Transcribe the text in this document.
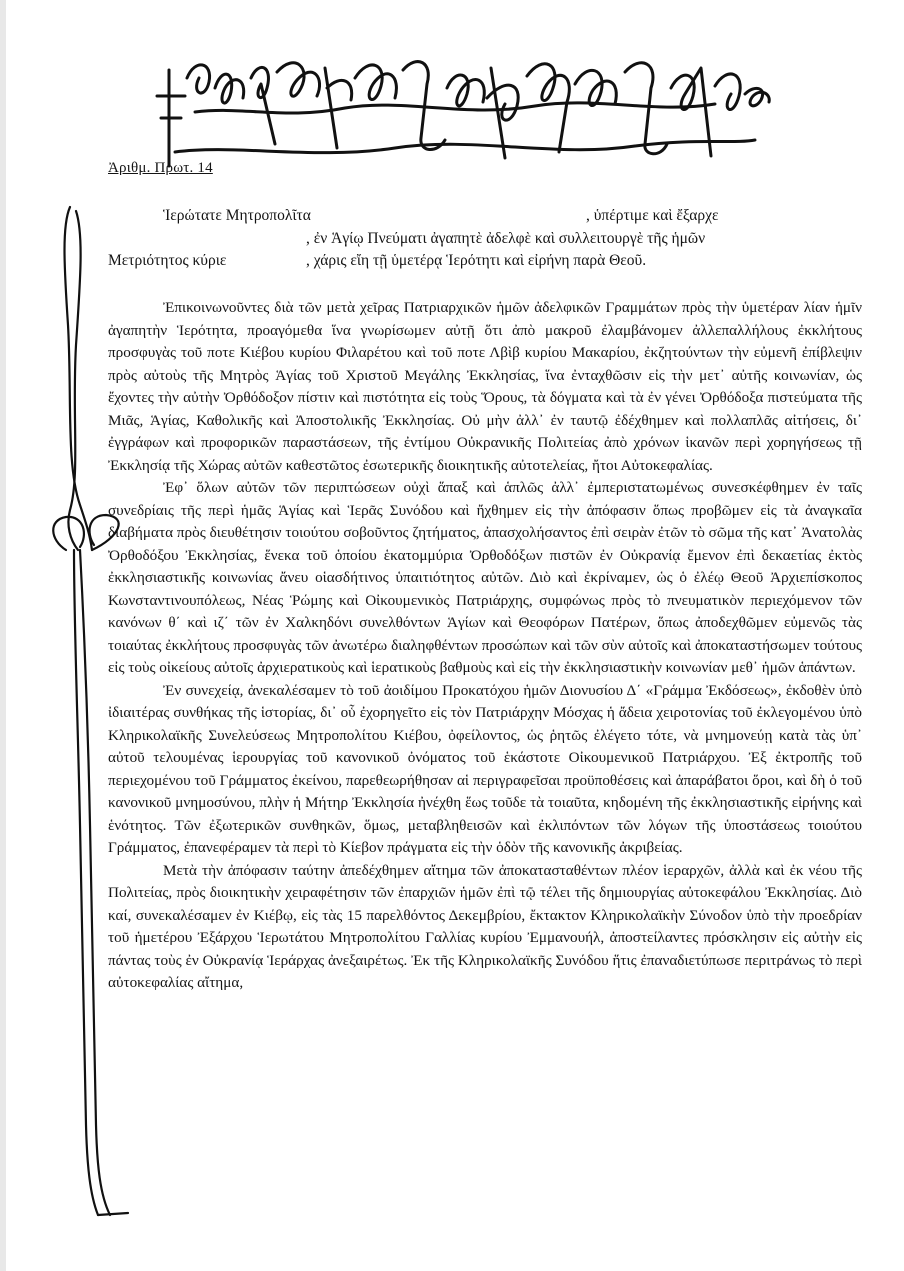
Ἀριθμ. Πρωτ. 14
Ἱερώτατε Μητροπολῖτα	, ὑπέρτιμε καὶ ἔξαρχε
, ἐν Ἁγίῳ Πνεύματι ἀγαπητὲ ἀδελφὲ καὶ συλλειτουργὲ τῆς ἡμῶν
Μετριότητος κύριε	, χάρις εἴη τῇ ὑμετέρᾳ Ἱερότητι καὶ εἰρήνη παρὰ Θεοῦ.

Ἐπικοινωνοῦντες διὰ τῶν μετὰ χεῖρας Πατριαρχικῶν ἡμῶν ἀδελφικῶν Γραμμάτων πρὸς τὴν ὑμετέραν λίαν ἡμῖν ἀγαπητὴν Ἱερότητα, προαγόμεθα ἵνα γνωρίσωμεν αὐτῇ ὅτι ἀπὸ μακροῦ ἐλαμβάνομεν ἀλλεπαλλήλους ἐκκλήτους προσφυγὰς τοῦ ποτε Κιέβου κυρίου Φιλαρέτου καὶ τοῦ ποτε Λβὶβ κυρίου Μακαρίου, ἐκζητούντων τὴν εὐμενῆ ἐπίβλεψιν πρὸς αὐτοὺς τῆς Μητρὸς Ἁγίας τοῦ Χριστοῦ Μεγάλης Ἐκκλησίας, ἵνα ἐνταχθῶσιν εἰς τὴν μετ᾿ αὐτῆς κοινωνίαν, ὡς ἔχοντες τὴν αὐτὴν Ὀρθόδοξον πίστιν καὶ πιστότητα εἰς τοὺς Ὅρους, τὰ δόγματα καὶ τὰ ἐν γένει Ὀρθόδοξα πιστεύματα τῆς Μιᾶς, Ἁγίας, Καθολικῆς καὶ Ἀποστολικῆς Ἐκκλησίας. Οὐ μὴν ἀλλ᾿ ἐν ταυτῷ ἐδέχθημεν καὶ πολλαπλᾶς αἰτήσεις, δι᾿ ἐγγράφων καὶ προφορικῶν παραστάσεων, τῆς ἐντίμου Οὐκρανικῆς Πολιτείας ἀπὸ χρόνων ἱκανῶν περὶ χορηγήσεως τῇ Ἐκκλησίᾳ τῆς Χώρας αὐτῶν καθεστῶτος ἐσωτερικῆς διοικητικῆς αὐτοτελείας, ἤτοι Αὐτοκεφαλίας.

Ἐφ᾿ ὅλων αὐτῶν τῶν περιπτώσεων οὐχὶ ἅπαξ καὶ ἁπλῶς ἀλλ᾿ ἐμπεριστατωμένως συνεσκέφθημεν ἐν ταῖς συνεδρίαις τῆς περὶ ἡμᾶς Ἁγίας καὶ Ἱερᾶς Συνόδου καὶ ἤχθημεν εἰς τὴν ἀπόφασιν ὅπως προβῶμεν εἰς τὰ ἀναγκαῖα διαβήματα πρὸς διευθέτησιν τοιούτου σοβοῦντος ζητήματος, ἀπασχολήσαντος ἐπὶ σειρὰν ἐτῶν τὸ σῶμα τῆς κατ᾿ Ἀνατολὰς Ὀρθοδόξου Ἐκκλησίας, ἕνεκα τοῦ ὁποίου ἑκατομμύρια Ὀρθοδόξων πιστῶν ἐν Οὐκρανίᾳ ἔμενον ἐπὶ δεκαετίας ἐκτὸς ἐκκλησιαστικῆς κοινωνίας ἄνευ οἱασδήτινος ὑπαιτιότητος αὐτῶν. Διὸ καὶ ἐκρίναμεν, ὡς ὁ ἐλέῳ Θεοῦ Ἀρχιεπίσκοπος Κωνσταντινουπόλεως, Νέας Ῥώμης καὶ Οἰκουμενικὸς Πατριάρχης, συμφώνως πρὸς τὸ πνευματικὸν περιεχόμενον τῶν κανόνων θ΄ καὶ ιζ΄ τῶν ἐν Χαλκηδόνι συνελθόντων Ἁγίων καὶ Θεοφόρων Πατέρων, ὅπως ἀποδεχθῶμεν εὐμενῶς τὰς τοιαύτας ἐκκλήτους προσφυγὰς τῶν ἀνωτέρω διαληφθέντων προσώπων καὶ τῶν σὺν αὐτοῖς καὶ ἀποκαταστήσωμεν τούτους εἰς τοὺς οἰκείους αὐτοῖς ἀρχιερατικοὺς καὶ ἱερατικοὺς βαθμοὺς καὶ εἰς τὴν ἐκκλησιαστικὴν κοινωνίαν μεθ᾿ ἡμῶν ἁπάντων.

Ἐν συνεχείᾳ, ἀνεκαλέσαμεν τὸ τοῦ ἀοιδίμου Προκατόχου ἡμῶν Διονυσίου Δ΄ «Γράμμα Ἐκδόσεως», ἐκδοθὲν ὑπὸ ἰδιαιτέρας συνθήκας τῆς ἱστορίας, δι᾿ οὗ ἐχορηγεῖτο εἰς τὸν Πατριάρχην Μόσχας ἡ ἄδεια χειροτονίας τοῦ ἐκλεγομένου ὑπὸ Κληρικολαϊκῆς Συνελεύσεως Μητροπολίτου Κιέβου, ὀφείλοντος, ὡς ῥητῶς ἐλέγετο τότε, νὰ μνημονεύῃ κατὰ τὰς ὑπ᾿ αὐτοῦ τελουμένας ἱερουργίας τοῦ κανονικοῦ ὀνόματος τοῦ ἑκάστοτε Οἰκουμενικοῦ Πατριάρχου. Ἐξ ἐκτροπῆς τοῦ περιεχομένου τοῦ Γράμματος ἐκείνου, παρεθεωρήθησαν αἱ περιγραφεῖσαι προϋποθέσεις καὶ ἀπαράβατοι ὅροι, καὶ δὴ ὁ τοῦ κανονικοῦ μνημοσύνου, πλὴν ἡ Μήτηρ Ἐκκλησία ἠνέχθη ἕως τοῦδε τὰ τοιαῦτα, κηδομένη τῆς ἐκκλησιαστικῆς εἰρήνης καὶ ἑνότητος. Τῶν ἐξωτερικῶν συνθηκῶν, ὅμως, μεταβληθεισῶν καὶ ἐκλιπόντων τῶν λόγων τῆς ὑποστάσεως τοιούτου Γράμματος, ἐπανεφέραμεν τὰ περὶ τὸ Κίεβον πράγματα εἰς τὴν ὁδὸν τῆς κανονικῆς ἀκριβείας.

Μετὰ τὴν ἀπόφασιν ταύτην ἀπεδέχθημεν αἴτημα τῶν ἀποκατασταθέντων πλέον ἱεραρχῶν, ἀλλὰ καὶ ἐκ νέου τῆς Πολιτείας, πρὸς διοικητικὴν χειραφέτησιν τῶν ἐπαρχιῶν ἡμῶν ἐπὶ τῷ τέλει τῆς δημιουργίας αὐτοκεφάλου Ἐκκλησίας. Διὸ καί, συνεκαλέσαμεν ἐν Κιέβῳ, εἰς τὰς 15 παρελθόντος Δεκεμβρίου, ἔκτακτον Κληρικολαϊκὴν Σύνοδον ὑπὸ τὴν προεδρίαν τοῦ ἡμετέρου Ἐξάρχου Ἱερωτάτου Μητροπολίτου Γαλλίας κυρίου Ἐμμανουήλ, ἀποστείλαντες πρόσκλησιν εἰς αὐτὴν εἰς πάντας τοὺς ἐν Οὐκρανίᾳ Ἱεράρχας ἀνεξαιρέτως. Ἐκ τῆς Κληρικολαϊκῆς Συνόδου ἥτις ἐπαναδιετύπωσε περιτράνως τὸ περὶ αὐτοκεφαλίας αἴτημα,
